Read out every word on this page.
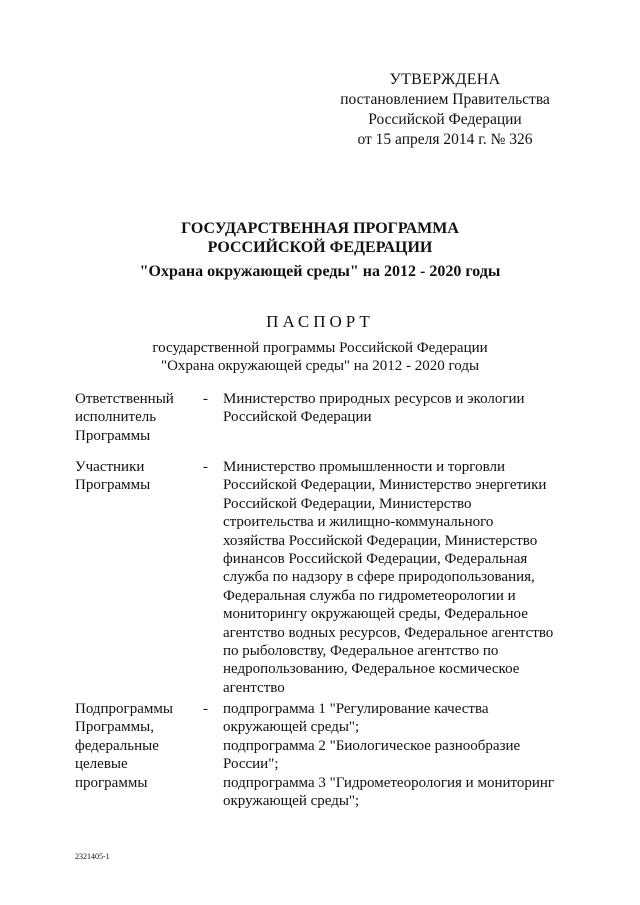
УТВЕРЖДЕНА
постановлением Правительства
Российской Федерации
от 15 апреля 2014 г. № 326
ГОСУДАРСТВЕННАЯ ПРОГРАММА
РОССИЙСКОЙ ФЕДЕРАЦИИ
"Охрана окружающей среды" на 2012 - 2020 годы
ПАСПОРТ
государственной программы Российской Федерации
"Охрана окружающей среды" на 2012 - 2020 годы
Ответственный
исполнитель
Программы
- Министерство природных ресурсов и экологии
Российской Федерации
Участники
Программы
- Министерство промышленности и торговли
Российской Федерации, Министерство энергетики
Российской Федерации, Министерство
строительства и жилищно-коммунального
хозяйства Российской Федерации, Министерство
финансов Российской Федерации, Федеральная
служба по надзору в сфере природопользования,
Федеральная служба по гидрометеорологии и
мониторингу окружающей среды, Федеральное
агентство водных ресурсов, Федеральное агентство
по рыболовству, Федеральное агентство по
недропользованию, Федеральное космическое
агентство
Подпрограммы
Программы,
федеральные
целевые
программы
- подпрограмма 1 "Регулирование качества
окружающей среды";
подпрограмма 2 "Биологическое разнообразие
России";
подпрограмма 3 "Гидрометеорология и мониторинг
окружающей среды";
2321405-1
